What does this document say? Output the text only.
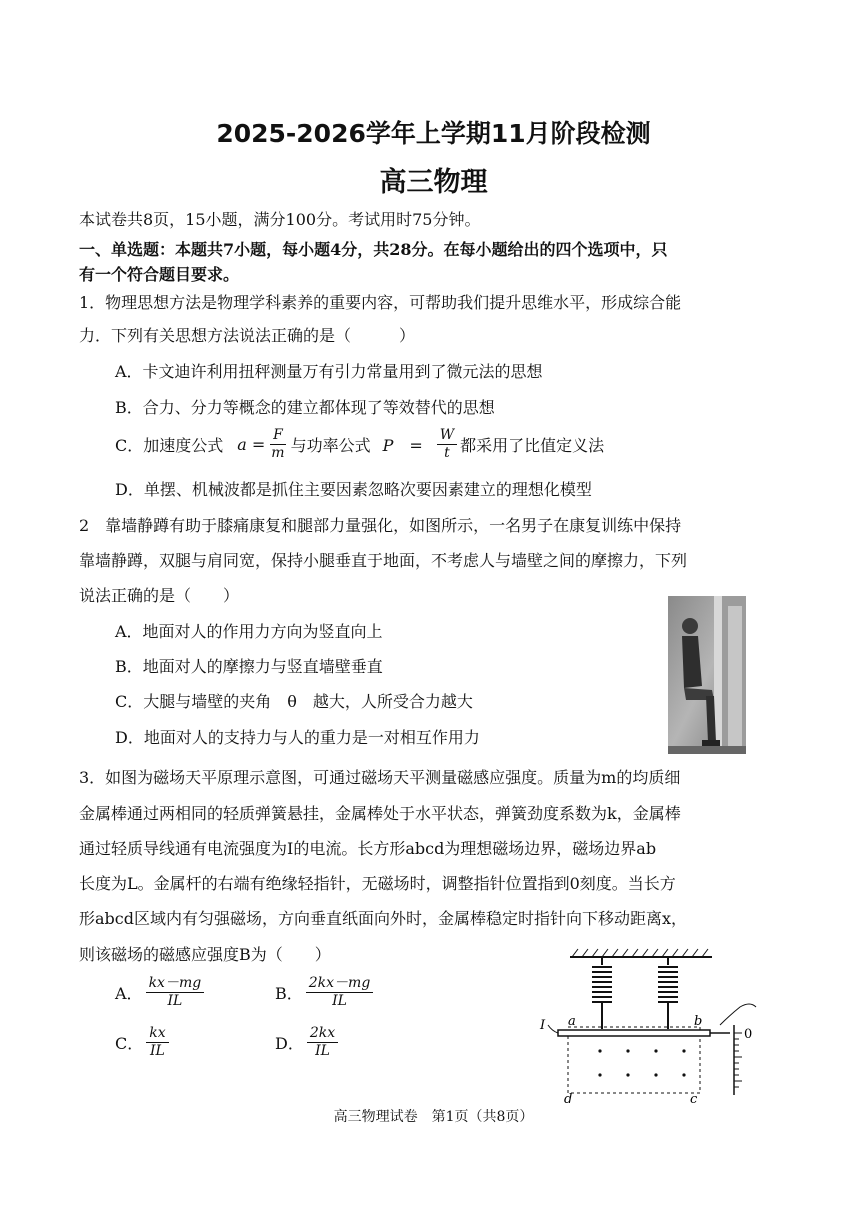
2025-2026学年上学期11月阶段检测
高三物理
本试卷共8页，15小题，满分100分。考试用时75分钟。
一、单选题：本题共7小题，每小题4分，共28分。在每小题给出的四个选项中，只
有一个符合题目要求。
1．物理思想方法是物理学科素养的重要内容，可帮助我们提升思维水平，形成综合能
力．下列有关思想方法说法正确的是（　　　）
A．卡文迪许利用扭秤测量万有引力常量用到了微元法的思想
B．合力、分力等概念的建立都体现了等效替代的思想
C．加速度公式 $a = \frac{F}{m}$ 与功率公式 P　= $\frac{W}{t}$ 都采用了比值定义法
D．单摆、机械波都是抓住主要因素忽略次要因素建立的理想化模型
2　靠墙静蹲有助于膝痛康复和腿部力量强化，如图所示，一名男子在康复训练中保持
靠墙静蹲，双腿与肩同宽，保持小腿垂直于地面，不考虑人与墙壁之间的摩擦力，下列
说法正确的是（　　）
A．地面对人的作用力方向为竖直向上
B．地面对人的摩擦力与竖直墙壁垂直
C．大腿与墙壁的夹角　θ　越大，人所受合力越大
D．地面对人的支持力与人的重力是一对相互作用力
3．如图为磁场天平原理示意图，可通过磁场天平测量磁感应强度。质量为m的均质细
金属棒通过两相同的轻质弹簧悬挂，金属棒处于水平状态，弹簧劲度系数为k，金属棒
通过轻质导线通有电流强度为I的电流。长方形abcd为理想磁场边界，磁场边界ab
长度为L。金属杆的右端有绝缘轻指针，无磁场时，调整指针位置指到0刻度。当长方
形abcd区域内有匀强磁场，方向垂直纸面向外时，金属棒稳定时指针向下移动距离x，
则该磁场的磁感应强度B为（　　）
A． $\frac{kx-mg}{IL}$	B． $\frac{2kx-mg}{IL}$
C． $\frac{kx}{IL}$	D． $\frac{2kx}{IL}$	I a	b
c
d
0
高三物理试卷　第1页（共8页）
